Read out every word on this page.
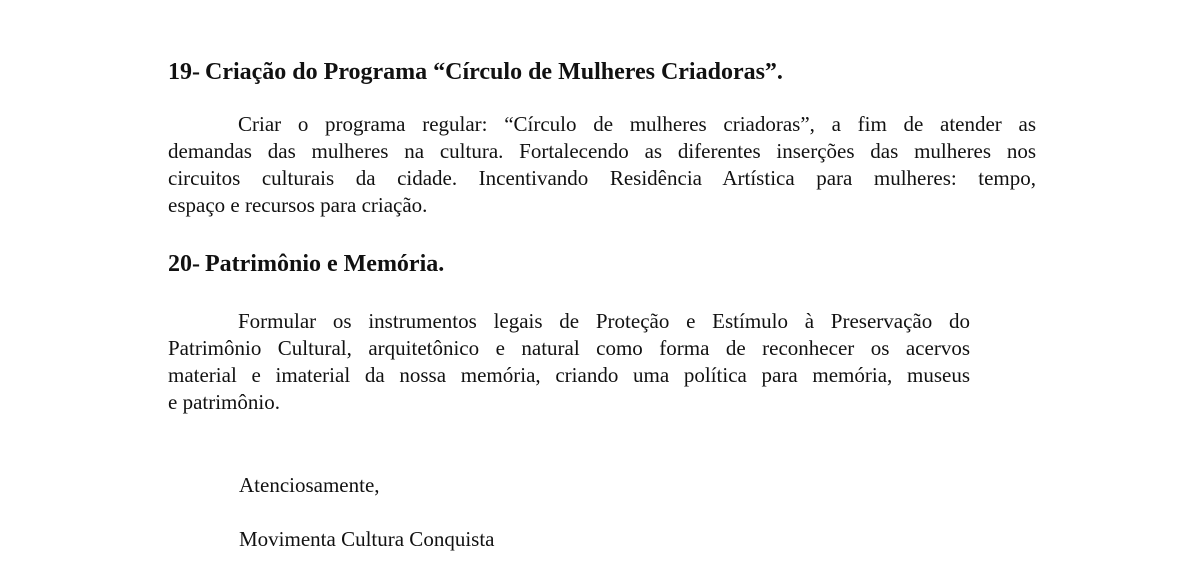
19- Criação do Programa “Círculo de Mulheres Criadoras”.
Criar o programa regular: “Círculo de mulheres criadoras”, a fim de atender as
demandas das mulheres na cultura. Fortalecendo as diferentes inserções das mulheres nos
circuitos culturais da cidade. Incentivando Residência Artística para mulheres: tempo,
espaço e recursos para criação.
20- Patrimônio e Memória.
Formular os instrumentos legais de Proteção e Estímulo à Preservação do
Patrimônio Cultural, arquitetônico e natural como forma de reconhecer os acervos
material e imaterial da nossa memória, criando uma política para memória, museus
e patrimônio.

Atenciosamente,

Movimenta Cultura Conquista
